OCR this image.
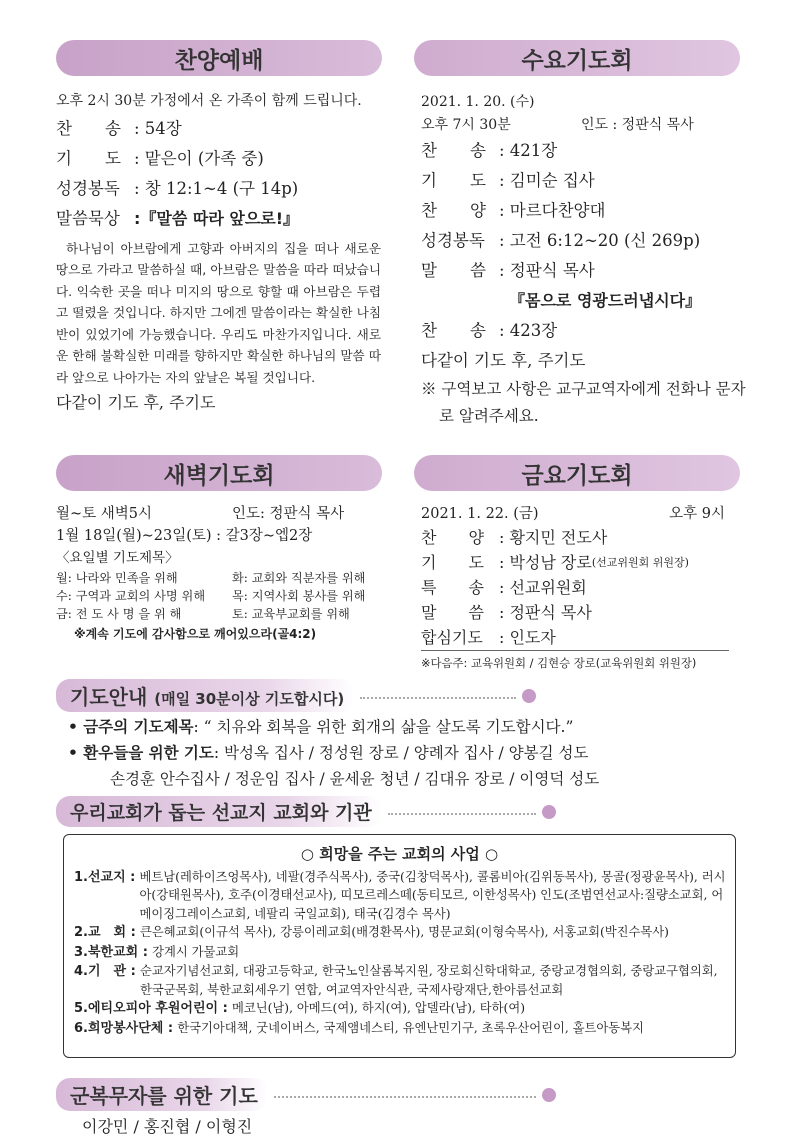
찬양예배
오후 2시 30분 가정에서 온 가족이 함께 드립니다.
찬　　송 : 54장
기　　도 : 맡은이 (가족 중)
성경봉독 : 창 12:1∼4 (구 14p)
말씀묵상 :『말씀 따라 앞으로!』
하나님이 아브람에게 고향과 아버지의 집을 떠나 새로운 땅으로 가라고 말씀하실 때, 아브람은 말씀을 따라 떠났습니다. 익숙한 곳을 떠나 미지의 땅으로 향할 때 아브람은 두렵고 떨렸을 것입니다. 하지만 그에겐 말씀이라는 확실한 나침반이 있었기에 가능했습니다. 우리도 마찬가지입니다. 새로운 한해 불확실한 미래를 향하지만 확실한 하나님의 말씀 따라 앞으로 나아가는 자의 앞날은 복될 것입니다.
다같이 기도 후, 주기도
수요기도회
2021. 1. 20. (수)
오후 7시 30분	인도 : 정판식 목사
찬　　송 : 421장
기　　도 : 김미순 집사
찬　　양 : 마르다찬양대
성경봉독 : 고전 6:12∼20 (신 269p)
말　　씀 : 정판식 목사
『몸으로 영광드러냅시다』
찬　　송 : 423장
다같이 기도 후, 주기도
※ 구역보고 사항은 교구교역자에게 전화나 문자로 알려주세요.
새벽기도회
월~토 새벽5시	인도: 정판식 목사
1월 18일(월)∼23일(토) : 갈3장∼엡2장
〈요일별 기도제목〉
월: 나라와 민족을 위해	화: 교회와 직분자를 위해
수: 구역과 교회의 사명 위해	목: 지역사회 봉사를 위해
금: 전 도 사 명 을 위 해	토: 교육부교회를 위해
※계속 기도에 감사함으로 깨어있으라(골4:2)
금요기도회
2021. 1. 22. (금)	오후 9시
찬　　양 : 황지민 전도사
기　　도 : 박성남 장로 (선교위원회 위원장)
특　　송 : 선교위원회
말　　씀 : 정판식 목사
합심기도	: 인도자
※다음주: 교육위원회 / 김현승 장로(교육위원회 위원장)
기도안내 (매일 30분이상 기도합시다)
• 금주의 기도제목: “ 치유와 회복을 위한 회개의 삶을 살도록 기도합시다.”
• 환우들을 위한 기도: 박성옥 집사 / 정성원 장로 / 양례자 집사 / 양봉길 성도
손경훈 안수집사 / 정운임 집사 / 윤세윤 청년 / 김대유 장로 / 이영덕 성도
우리교회가 돕는 선교지 교회와 기관
○ 희망을 주는 교회의 사업 ○
1.선교지 :
베트남(레하이즈엉목사), 네팔(경주식목사), 중국(김창덕목사), 콜롬비아(김위동목사), 몽골(정광윤목사), 러시아(강태원목사), 호주(이경태선교사), 띠모르레스떼(동티모르, 이한성목사) 인도(조범연선교사:질량소교회, 어메이징그레이스교회, 네팔리 국일교회), 태국(김경수 목사)
2.교　회 :
큰은혜교회(이규석 목사), 강릉이레교회(배경환목사), 명문교회(이형숙목사), 서홍교회(박진수목사)
3.북한교회 :
강계시 가물교회
4.기　관 :
순교자기념선교회, 대광고등학교, 한국노인살롬복지원, 장로회신학대학교, 중랑교경협의회, 중랑교구협의회, 한국군목회, 북한교회세우기 연합, 여교역자안식관, 국제사랑재단,한아름선교회
5.에티오피아 후원어린이 :
메코닌(남), 아메드(여), 하지(여), 압델라(남), 타하(여)
6.희망봉사단체 :
한국기아대책, 굿네이버스, 국제앰네스티, 유엔난민기구, 초록우산어린이, 홀트아동복지
군복무자를 위한 기도
이강민 / 홍진협 / 이형진
